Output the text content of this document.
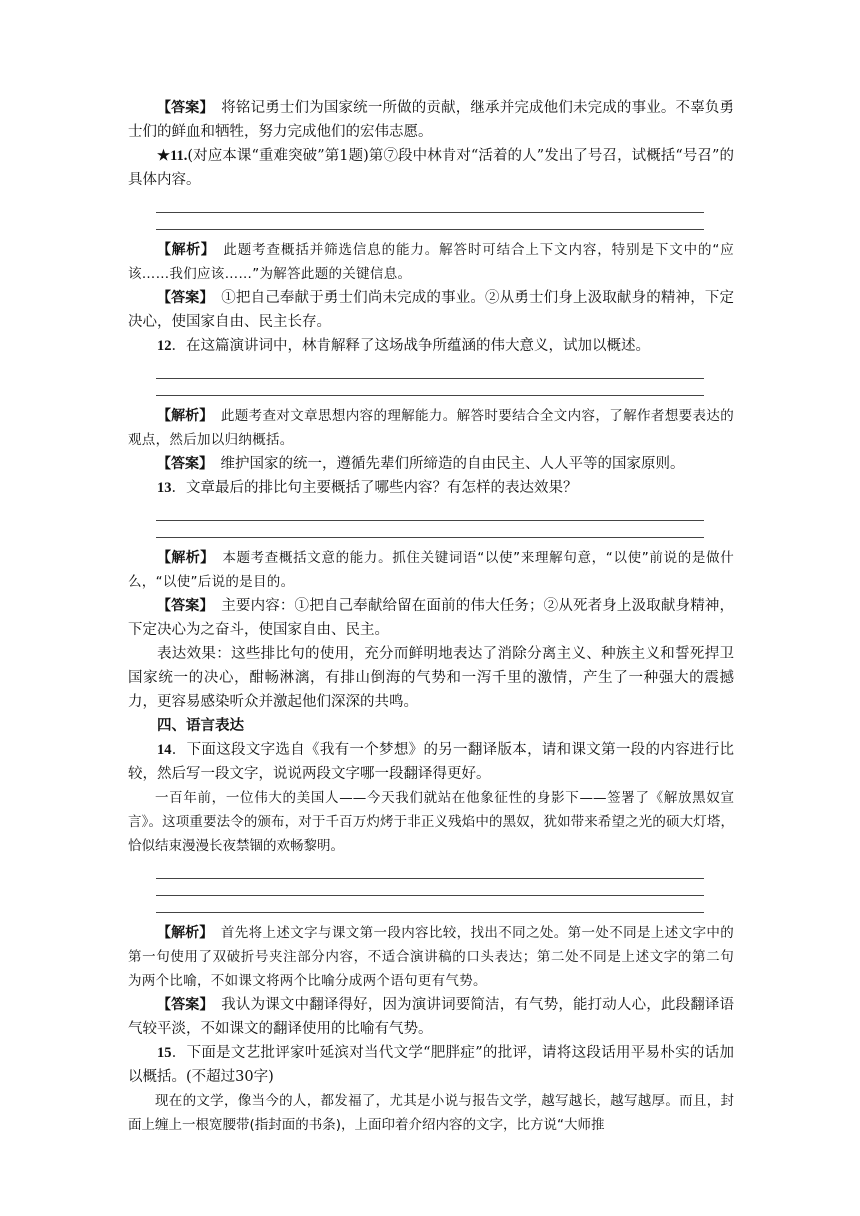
【答案】　 将铭记勇士们为国家统一所做的贡献，继承并完成他们未完成的事业。不辜负勇士们的鲜血和牺牲，努力完成他们的宏伟志愿。

★11.(对应本课“重难突破”第1题)第⑦段中林肯对“活着的人”发出了号召，试概括“号召”的具体内容。

【解析】　 此题考查概括并筛选信息的能力。解答时可结合上下文内容，特别是下文中的“应该……我们应该……”为解答此题的关键信息。

【答案】　 ①把自己奉献于勇士们尚未完成的事业。②从勇士们身上汲取献身的精神，下定决心，使国家自由、民主长存。

12．在这篇演讲词中，林肯解释了这场战争所蕴涵的伟大意义，试加以概述。

【解析】　 此题考查对文章思想内容的理解能力。解答时要结合全文内容，了解作者想要表达的观点，然后加以归纳概括。

【答案】　 维护国家的统一，遵循先辈们所缔造的自由民主、人人平等的国家原则。

13．文章最后的排比句主要概括了哪些内容？有怎样的表达效果？

【解析】　 本题考查概括文意的能力。抓住关键词语“以使”来理解句意，“以使”前说的是做什么，“以使”后说的是目的。

【答案】　 主要内容：①把自己奉献给留在面前的伟大任务；②从死者身上汲取献身精神，下定决心为之奋斗，使国家自由、民主。

表达效果：这些排比句的使用，充分而鲜明地表达了消除分离主义、种族主义和誓死捍卫国家统一的决心，酣畅淋漓，有排山倒海的气势和一泻千里的激情，产生了一种强大的震撼力，更容易感染听众并激起他们深深的共鸣。

四、语言表达

14．下面这段文字选自《我有一个梦想》的另一翻译版本，请和课文第一段的内容进行比较，然后写一段文字，说说两段文字哪一段翻译得更好。

一百年前，一位伟大的美国人——今天我们就站在他象征性的身影下——签署了《解放黑奴宣言》。这项重要法令的颁布，对于千百万灼烤于非正义残焰中的黑奴，犹如带来希望之光的硕大灯塔，恰似结束漫漫长夜禁锢的欢畅黎明。

【解析】　 首先将上述文字与课文第一段内容比较，找出不同之处。第一处不同是上述文字中的第一句使用了双破折号夹注部分内容，不适合演讲稿的口头表达；第二处不同是上述文字的第二句为两个比喻，不如课文将两个比喻分成两个语句更有气势。

【答案】　 我认为课文中翻译得好，因为演讲词要简洁，有气势，能打动人心，此段翻译语气较平淡，不如课文的翻译使用的比喻有气势。

15．下面是文艺批评家叶延滨对当代文学“肥胖症”的批评，请将这段话用平易朴实的话加以概括。(不超过30字)

现在的文学，像当今的人，都发福了，尤其是小说与报告文学，越写越长，越写越厚。而且，封面上缠上一根宽腰带(指封面的书条)，上面印着介绍内容的文字，比方说“大师推
